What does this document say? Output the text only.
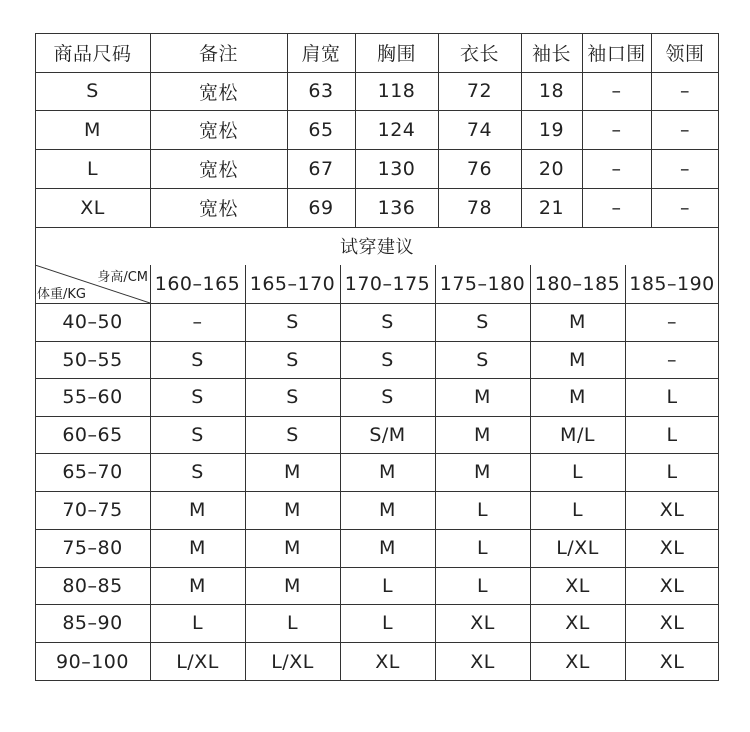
商品尺码	备注	肩宽	胸围	衣长	袖长 袖口围	领围
S	宽松	63	118	72	18	–	–
M	宽松	65	124	74	19	–	–
L	宽松	67	130	76	20	–	–
XL	宽松	69	136	78	21	–	–
试穿建议
身高/CM
体重/KG	160–165 165–170 170–175 175–180 180–185 185–190
40–50	–	S	S	S	M	–
50–55	S	S	S	S	M	–
55–60	S	S	S	M	M	L
60–65	S	S	S/M	M	M/L	L
65–70	S	M	M	M	L	L
70–75	M	M	M	L	L	XL
75–80	M	M	M	L	L/XL	XL
80–85	M	M	L	L	XL	XL
85–90	L	L	L	XL	XL	XL
90–100	L/XL	L/XL	XL	XL	XL	XL
